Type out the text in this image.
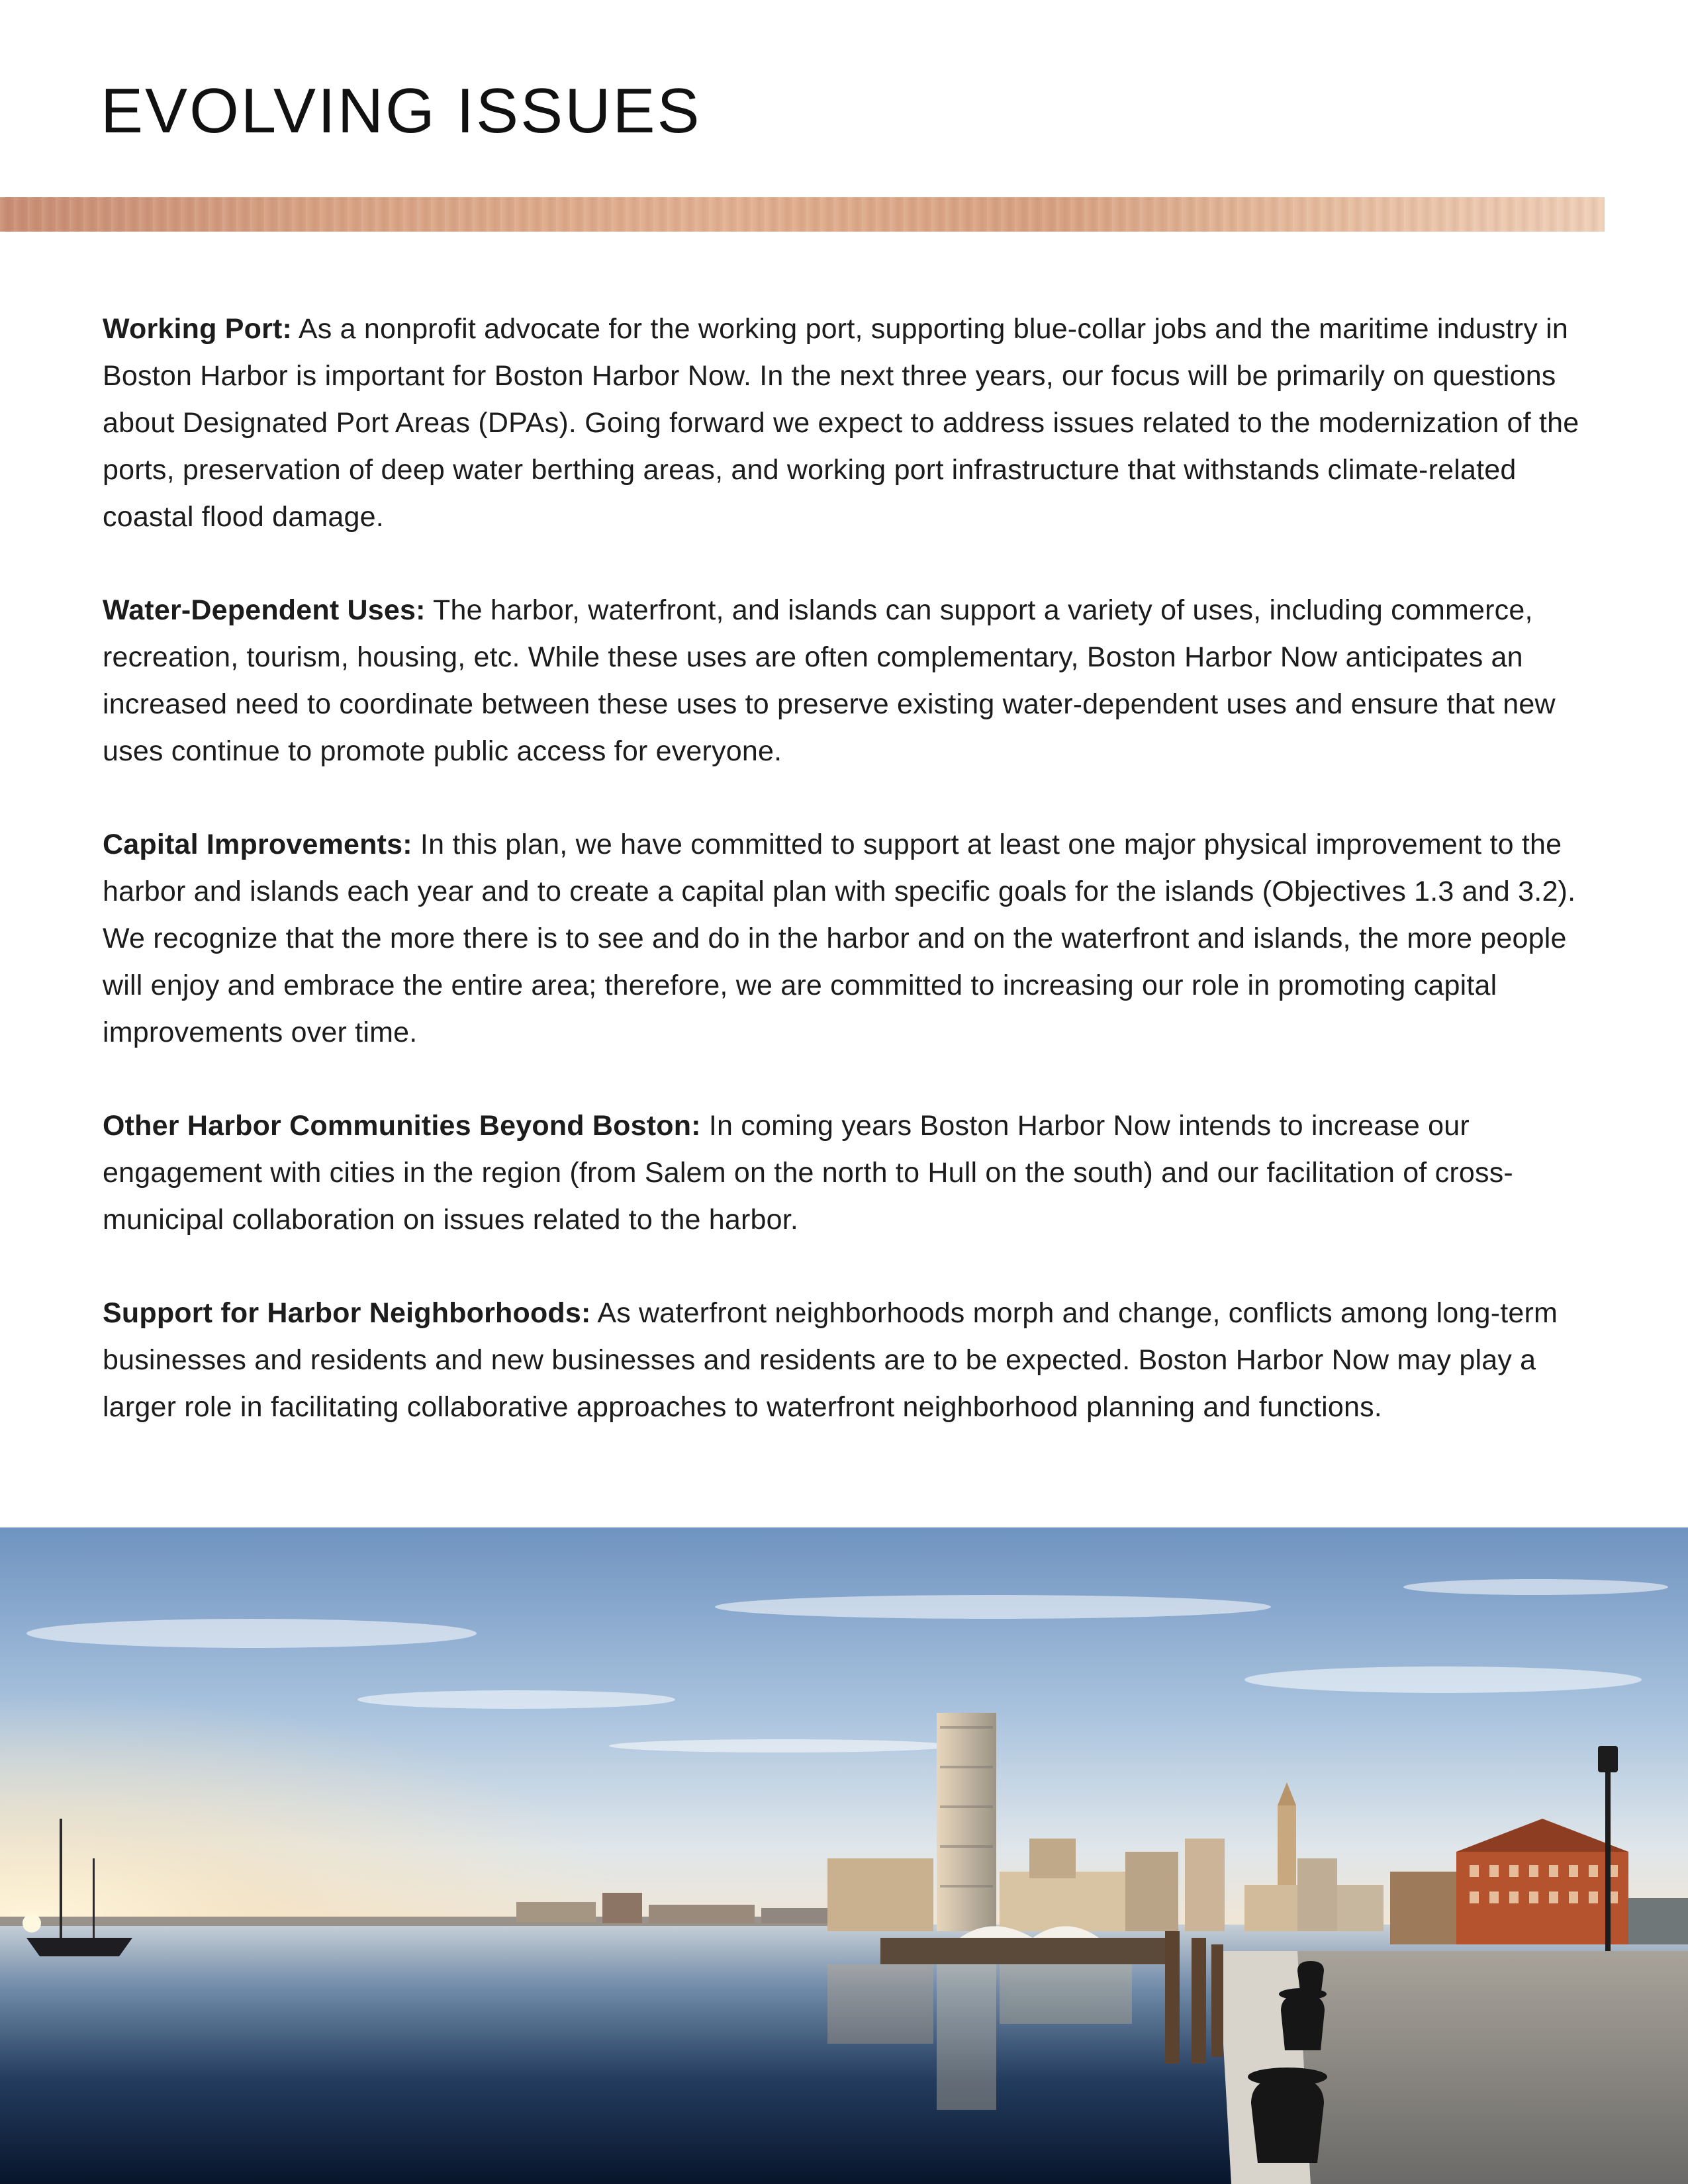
EVOLVING ISSUES

Working Port: As a nonprofit advocate for the working port, supporting blue-collar jobs and the maritime industry in Boston Harbor is important for Boston Harbor Now. In the next three years, our focus will be primarily on questions about Designated Port Areas (DPAs). Going forward we expect to address issues related to the modernization of the ports, preservation of deep water berthing areas, and working port infrastructure that withstands climate-related coastal flood damage.

Water-Dependent Uses: The harbor, waterfront, and islands can support a variety of uses, including commerce, recreation, tourism, housing, etc. While these uses are often complementary, Boston Harbor Now anticipates an increased need to coordinate between these uses to preserve existing water-dependent uses and ensure that new uses continue to promote public access for everyone.

Capital Improvements: In this plan, we have committed to support at least one major physical improvement to the harbor and islands each year and to create a capital plan with specific goals for the islands (Objectives 1.3 and 3.2). We recognize that the more there is to see and do in the harbor and on the waterfront and islands, the more people will enjoy and embrace the entire area; therefore, we are committed to increasing our role in promoting capital improvements over time.

Other Harbor Communities Beyond Boston: In coming years Boston Harbor Now intends to increase our engagement with cities in the region (from Salem on the north to Hull on the south) and our facilitation of cross-municipal collaboration on issues related to the harbor.

Support for Harbor Neighborhoods: As waterfront neighborhoods morph and change, conflicts among long-term businesses and residents and new businesses and residents are to be expected. Boston Harbor Now may play a larger role in facilitating collaborative approaches to waterfront neighborhood planning and functions.
